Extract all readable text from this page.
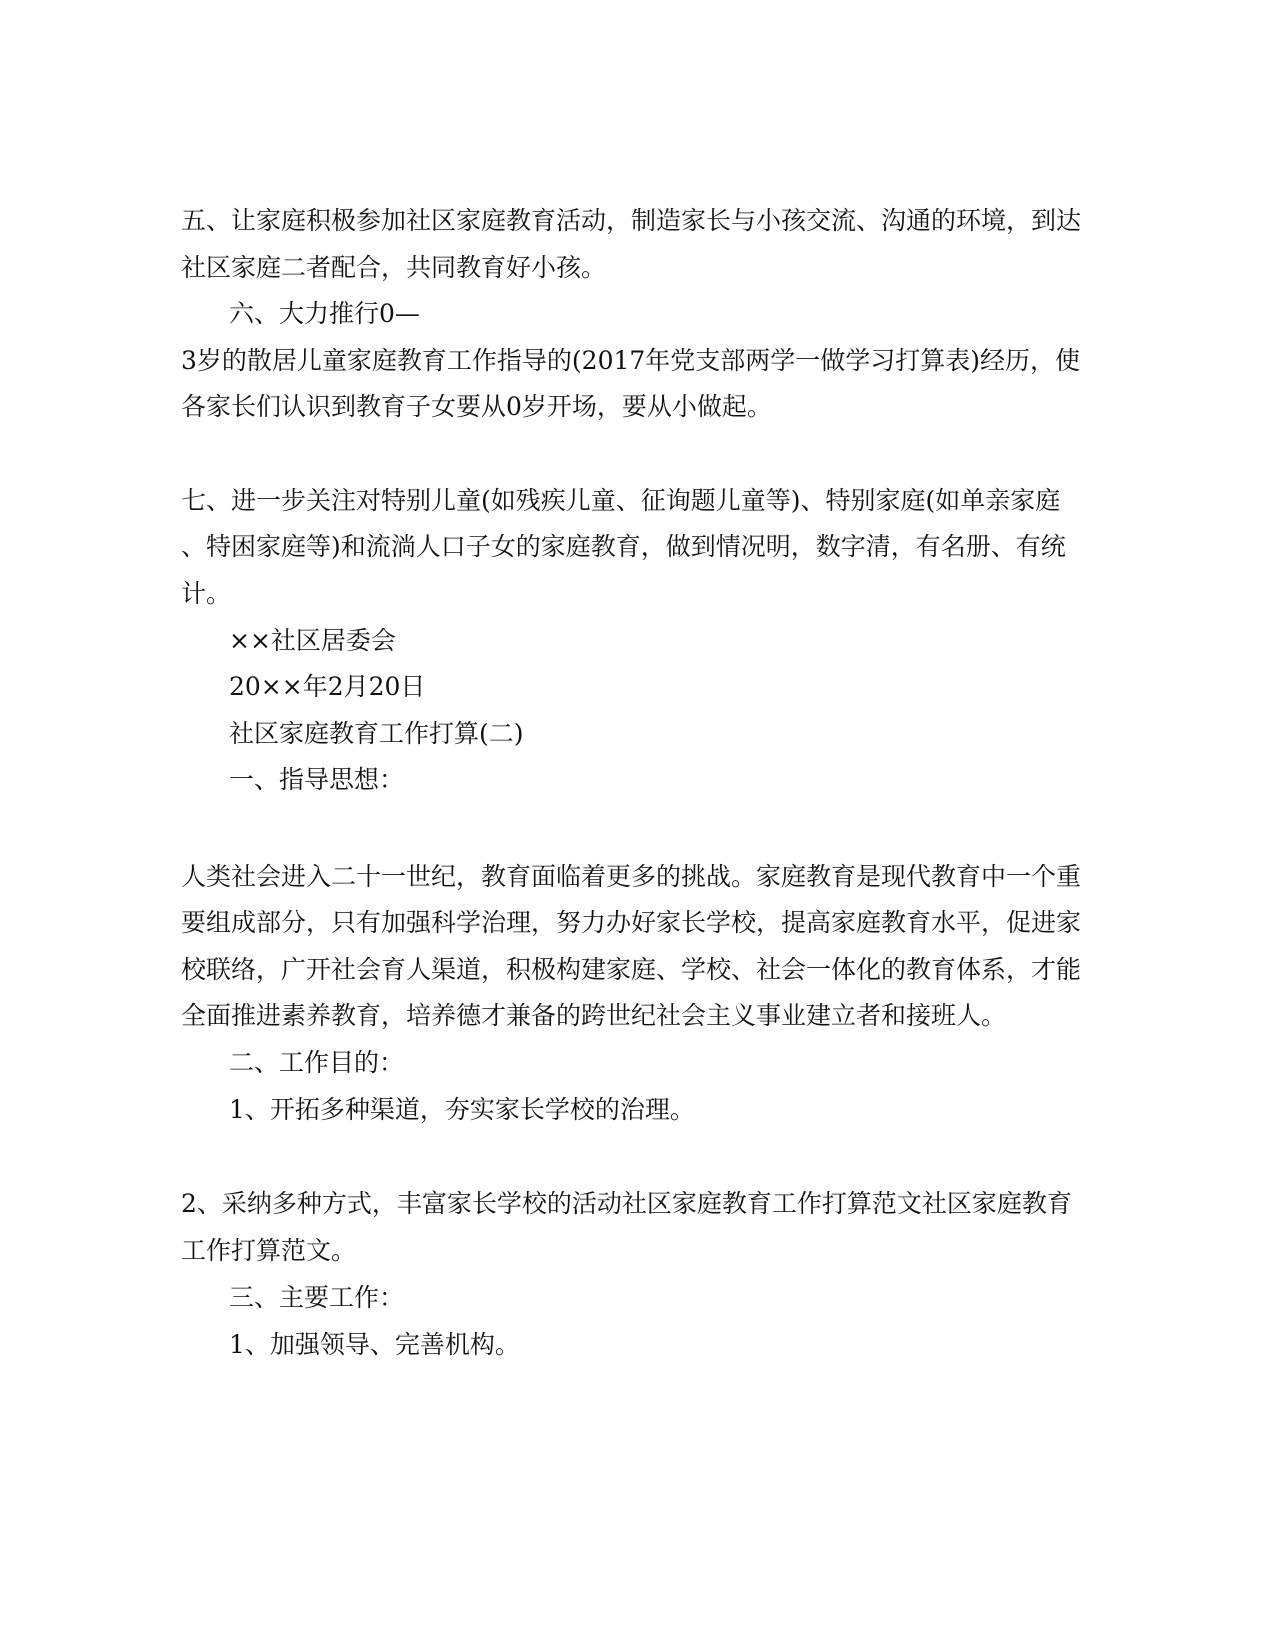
五、让家庭积极参加社区家庭教育活动，制造家长与小孩交流、沟通的环境，到达
社区家庭二者配合，共同教育好小孩。
六、大力推行0—
3岁的散居儿童家庭教育工作指导的(2017年党支部两学一做学习打算表)经历，使
各家长们认识到教育子女要从0岁开场，要从小做起。
七、进一步关注对特别儿童(如残疾儿童、征询题儿童等)、特别家庭(如单亲家庭
、特困家庭等)和流淌人口子女的家庭教育，做到情况明，数字清，有名册、有统
计。
××社区居委会
20××年2月20日
社区家庭教育工作打算(二)
一、指导思想：
人类社会进入二十一世纪，教育面临着更多的挑战。家庭教育是现代教育中一个重
要组成部分，只有加强科学治理，努力办好家长学校，提高家庭教育水平，促进家
校联络，广开社会育人渠道，积极构建家庭、学校、社会一体化的教育体系，才能
全面推进素养教育，培养德才兼备的跨世纪社会主义事业建立者和接班人。
二、工作目的：
1、开拓多种渠道，夯实家长学校的治理。
2、采纳多种方式，丰富家长学校的活动社区家庭教育工作打算范文社区家庭教育
工作打算范文。
三、主要工作：
1、加强领导、完善机构。
